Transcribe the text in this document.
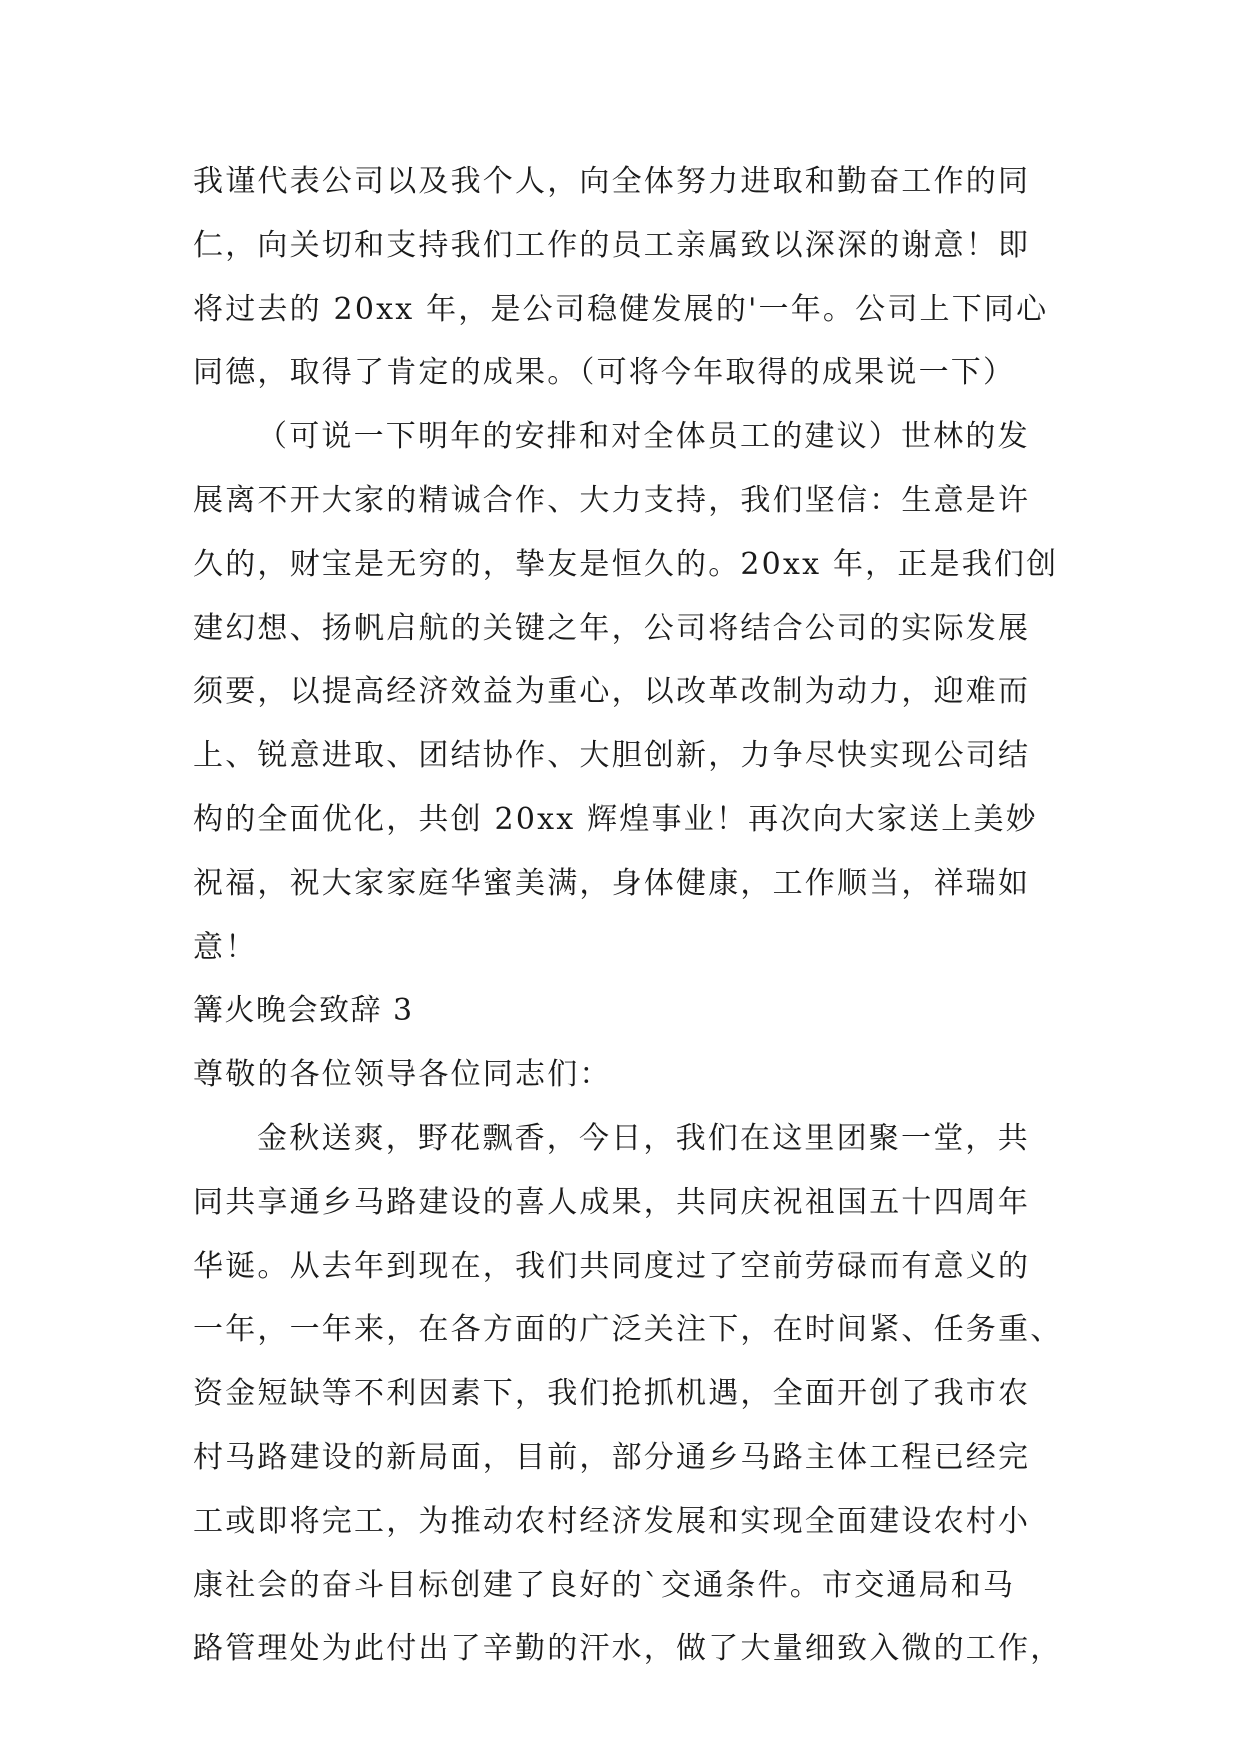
我谨代表公司以及我个人，向全体努力进取和勤奋工作的同
仁，向关切和支持我们工作的员工亲属致以深深的谢意！即
将过去的 20xx 年，是公司稳健发展的'一年。公司上下同心
同德，取得了肯定的成果。（可将今年取得的成果说一下）
（可说一下明年的安排和对全体员工的建议）世林的发
展离不开大家的精诚合作、大力支持，我们坚信：生意是许
久的，财宝是无穷的，挚友是恒久的。20xx 年，正是我们创
建幻想、扬帆启航的关键之年，公司将结合公司的实际发展
须要，以提高经济效益为重心，以改革改制为动力，迎难而
上、锐意进取、团结协作、大胆创新，力争尽快实现公司结
构的全面优化，共创 20xx 辉煌事业！再次向大家送上美妙
祝福，祝大家家庭华蜜美满，身体健康，工作顺当，祥瑞如
意！
篝火晚会致辞 3
尊敬的各位领导各位同志们：
金秋送爽，野花飘香，今日，我们在这里团聚一堂，共
同共享通乡马路建设的喜人成果，共同庆祝祖国五十四周年
华诞。从去年到现在，我们共同度过了空前劳碌而有意义的
一年，一年来，在各方面的广泛关注下，在时间紧、任务重、
资金短缺等不利因素下，我们抢抓机遇，全面开创了我市农
村马路建设的新局面，目前，部分通乡马路主体工程已经完
工或即将完工，为推动农村经济发展和实现全面建设农村小
康社会的奋斗目标创建了良好的`交通条件。市交通局和马
路管理处为此付出了辛勤的汗水，做了大量细致入微的工作，
